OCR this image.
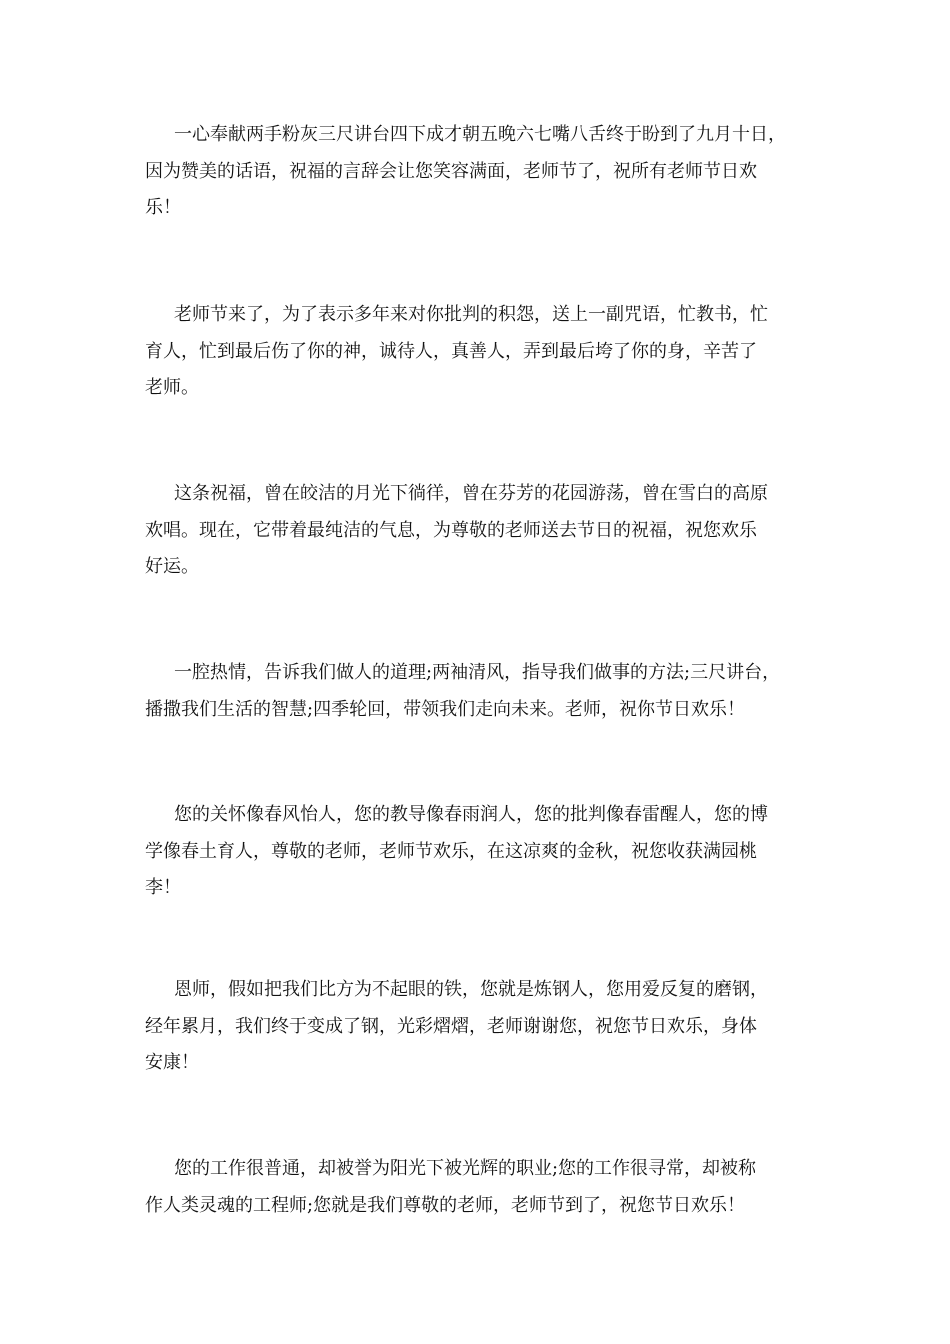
一心奉献两手粉灰三尺讲台四下成才朝五晚六七嘴八舌终于盼到了九月十日，
因为赞美的话语，祝福的言辞会让您笑容满面，老师节了，祝所有老师节日欢
乐！

老师节来了，为了表示多年来对你批判的积怨，送上一副咒语，忙教书，忙
育人，忙到最后伤了你的神，诚待人，真善人，弄到最后垮了你的身，辛苦了
老师。

这条祝福，曾在皎洁的月光下徜徉，曾在芬芳的花园游荡，曾在雪白的高原
欢唱。现在，它带着最纯洁的气息，为尊敬的老师送去节日的祝福，祝您欢乐
好运。

一腔热情，告诉我们做人的道理;两袖清风，指导我们做事的方法;三尺讲台，
播撒我们生活的智慧;四季轮回，带领我们走向未来。老师，祝你节日欢乐！

您的关怀像春风怡人，您的教导像春雨润人，您的批判像春雷醒人，您的博
学像春土育人，尊敬的老师，老师节欢乐，在这凉爽的金秋，祝您收获满园桃
李！

恩师，假如把我们比方为不起眼的铁，您就是炼钢人，您用爱反复的磨钢，
经年累月，我们终于变成了钢，光彩熠熠，老师谢谢您，祝您节日欢乐，身体
安康！

您的工作很普通，却被誉为阳光下被光辉的职业;您的工作很寻常，却被称
作人类灵魂的工程师;您就是我们尊敬的老师，老师节到了，祝您节日欢乐！
